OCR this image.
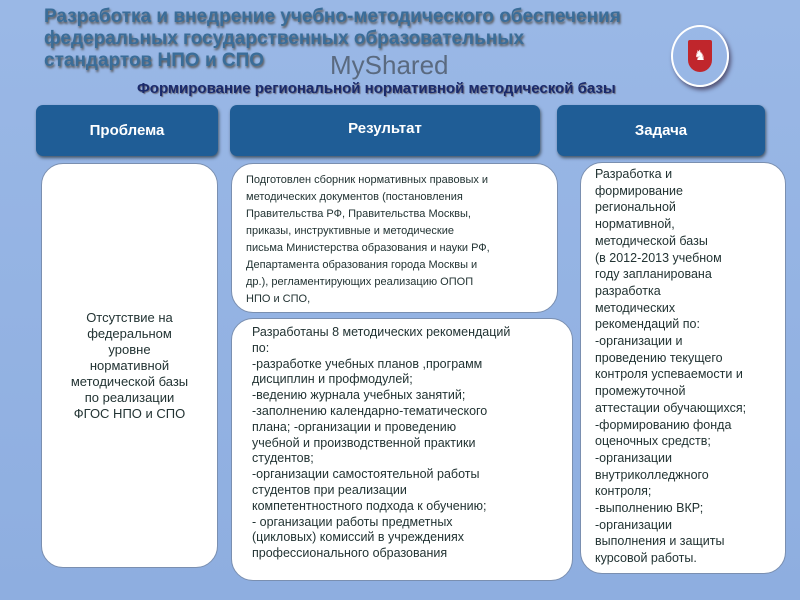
Разработка и внедрение учебно-методического обеспечения
федеральных государственных образовательных
стандартов НПО и СПО
Формирование региональной нормативной методической базы
♞
Проблема	Результат	Задача
Отсутствие на
федеральном
уровне
нормативной
методической базы
по реализации
ФГОС НПО и СПО
Подготовлен сборник нормативных правовых и
методических документов (постановления
Правительства РФ, Правительства Москвы,
приказы, инструктивные и методические
письма Министерства образования и науки РФ,
Департамента образования города Москвы и
др.), регламентирующих реализацию ОПОП
НПО и СПО,
Разработаны 8 методических рекомендаций
по:
-разработке учебных планов ,программ
дисциплин и профмодулей;
-ведению журнала учебных занятий;
-заполнению календарно-тематического
плана; -организации и проведению
учебной и производственной практики
студентов;
-организации самостоятельной работы
студентов при реализации
компетентностного подхода к обучению;
- организации работы предметных
(цикловых) комиссий в учреждениях
профессионального образования
Разработка и
формирование
региональной
нормативной,
методической базы
(в 2012-2013 учебном
году запланирована
разработка
методических
рекомендаций по:
-организации и
проведению текущего
контроля успеваемости и
промежуточной
аттестации обучающихся;
-формированию фонда
оценочных средств;
-организации
внутриколледжного
контроля;
-выполнению ВКР;
-организации
выполнения и защиты
курсовой работы.
MyShared
